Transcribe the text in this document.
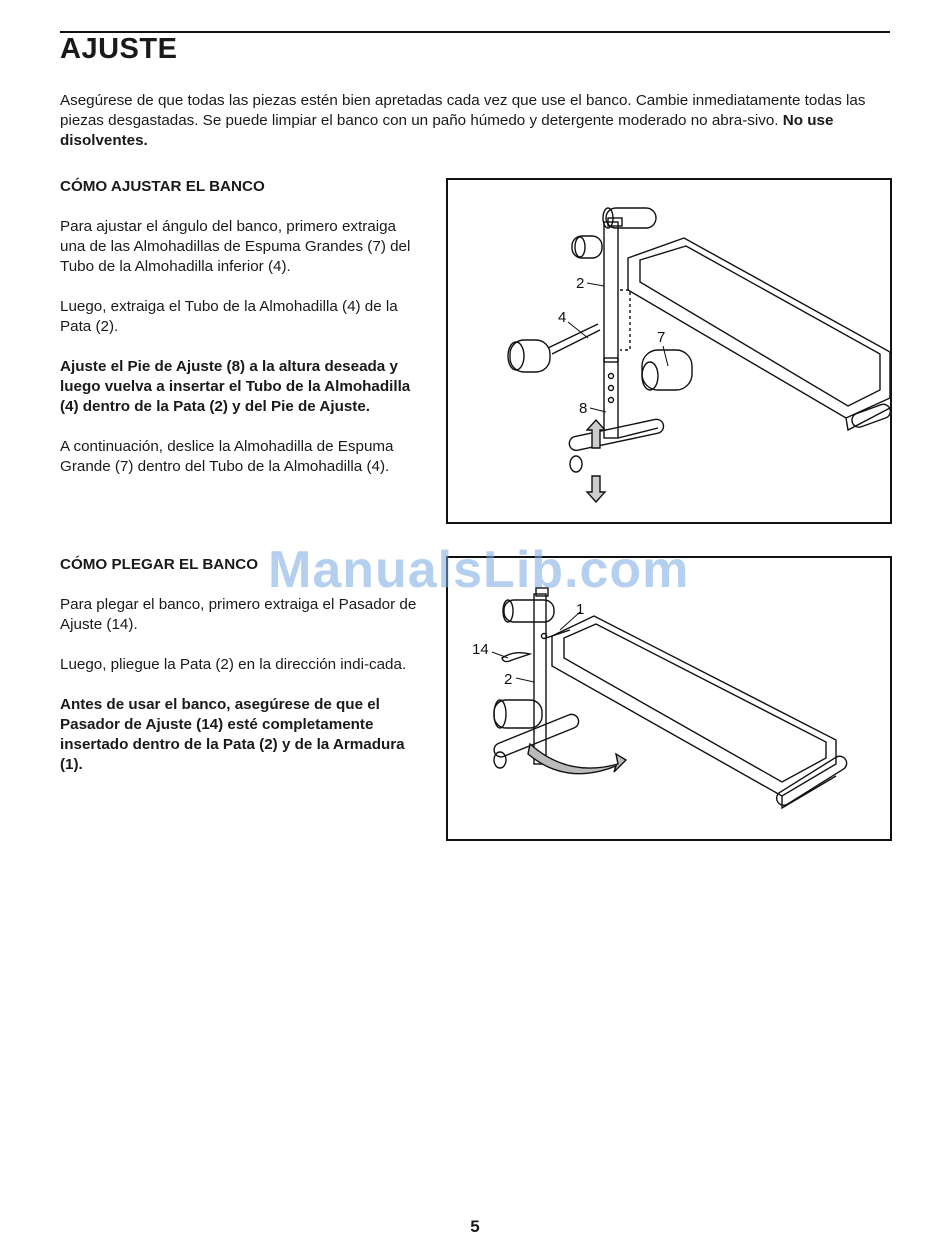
AJUSTE
Asegúrese de que todas las piezas estén bien apretadas cada vez que use el banco. Cambie inmediatamente todas las piezas desgastadas. Se puede limpiar el banco con un paño húmedo y detergente moderado no abra-sivo. No use disolventes.

CÓMO AJUSTAR EL BANCO

Para ajustar el ángulo del banco, primero extraiga una de las Almohadillas de Espuma Grandes (7) del Tubo de la Almohadilla inferior (4).

Luego, extraiga el Tubo de la Almohadilla (4) de la Pata (2).

Ajuste el Pie de Ajuste (8) a la altura deseada y luego vuelva a insertar el Tubo de la Almohadilla (4) dentro de la Pata (2) y del Pie de Ajuste.

A continuación, deslice la Almohadilla de Espuma Grande (7) dentro del Tubo de la Almohadilla (4).

CÓMO PLEGAR EL BANCO

Para plegar el banco, primero extraiga el Pasador de Ajuste (14).

Luego, pliegue la Pata (2) en la dirección indi-cada.

Antes de usar el banco, asegúrese de que el Pasador de Ajuste (14) esté completamente insertado dentro de la Pata (2) y de la Armadura (1).

2
4
7
8
1
14
2
ManualsLib.com
5
